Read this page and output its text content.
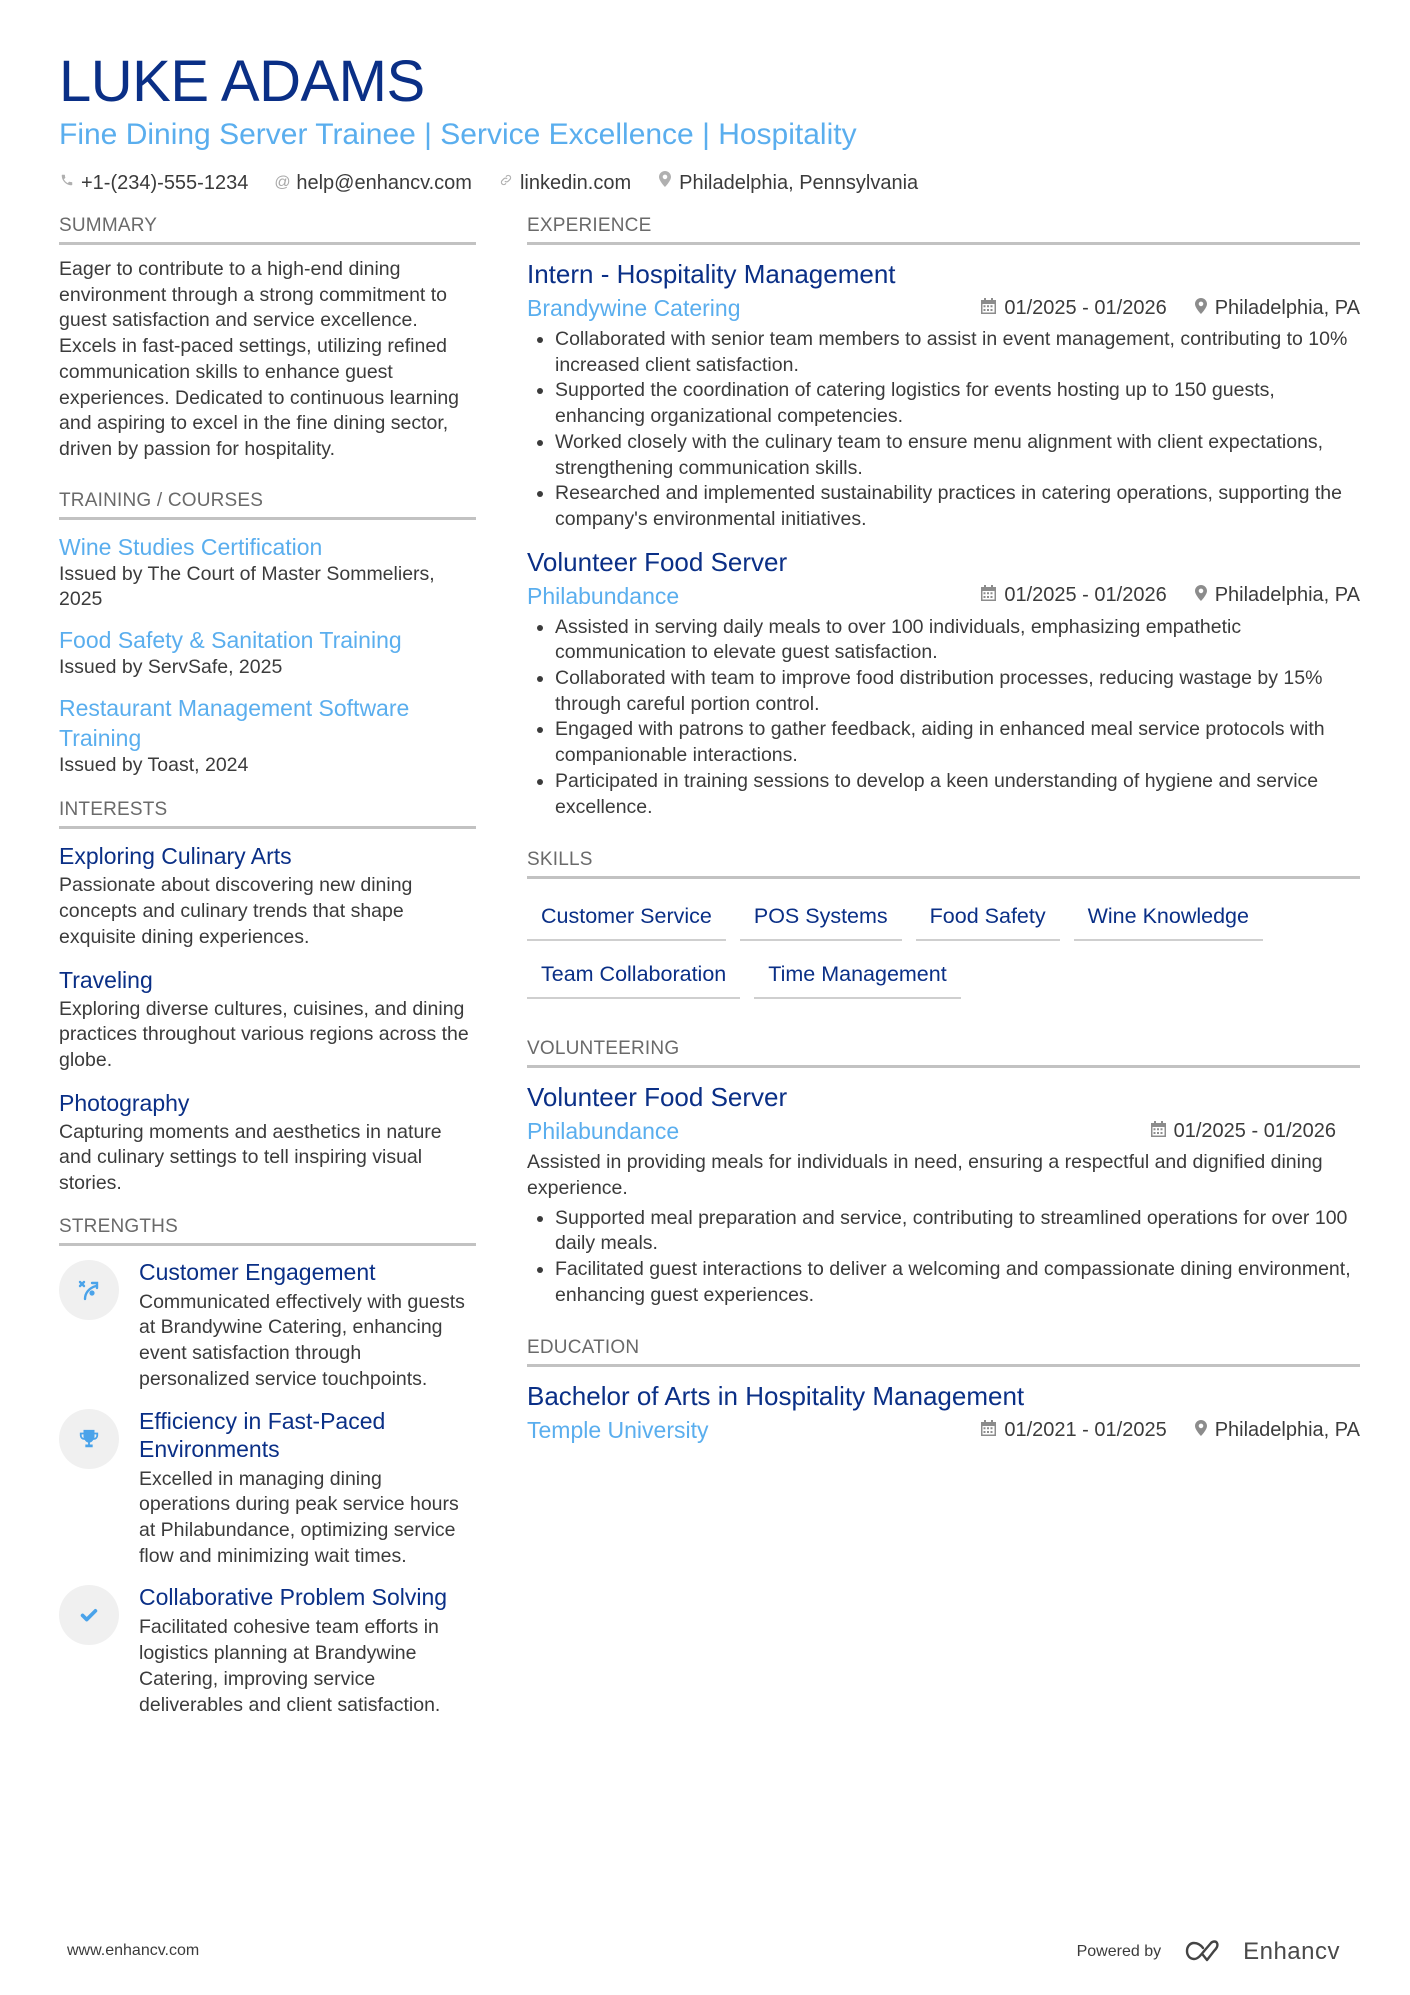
LUKE ADAMS
Fine Dining Server Trainee | Service Excellence | Hospitality
+1-(234)-555-1234 @ help@enhancv.com linkedin.com Philadelphia, Pennsylvania
SUMMARY
Eager to contribute to a high-end dining environment through a strong commitment to guest satisfaction and service excellence. Excels in fast-paced settings, utilizing refined communication skills to enhance guest experiences. Dedicated to continuous learning and aspiring to excel in the fine dining sector, driven by passion for hospitality.
TRAINING / COURSES
Wine Studies Certification
Issued by The Court of Master Sommeliers, 2025
Food Safety & Sanitation Training
Issued by ServSafe, 2025
Restaurant Management Software Training
Issued by Toast, 2024
INTERESTS
Exploring Culinary Arts
Passionate about discovering new dining concepts and culinary trends that shape exquisite dining experiences.
Traveling
Exploring diverse cultures, cuisines, and dining practices throughout various regions across the globe.
Photography
Capturing moments and aesthetics in nature and culinary settings to tell inspiring visual stories.
STRENGTHS
Customer Engagement
Communicated effectively with guests at Brandywine Catering, enhancing event satisfaction through personalized service touchpoints.
Efficiency in Fast-Paced Environments
Excelled in managing dining operations during peak service hours at Philabundance, optimizing service flow and minimizing wait times.
Collaborative Problem Solving
Facilitated cohesive team efforts in logistics planning at Brandywine Catering, improving service deliverables and client satisfaction.
EXPERIENCE
Intern - Hospitality Management
Brandywine Catering	01/2025 - 01/2026 Philadelphia, PA
• Collaborated with senior team members to assist in event management, contributing to 10% increased client satisfaction.
• Supported the coordination of catering logistics for events hosting up to 150 guests, enhancing organizational competencies.
• Worked closely with the culinary team to ensure menu alignment with client expectations, strengthening communication skills.
• Researched and implemented sustainability practices in catering operations, supporting the company's environmental initiatives.
Volunteer Food Server
Philabundance	01/2025 - 01/2026 Philadelphia, PA
• Assisted in serving daily meals to over 100 individuals, emphasizing empathetic communication to elevate guest satisfaction.
• Collaborated with team to improve food distribution processes, reducing wastage by 15% through careful portion control.
• Engaged with patrons to gather feedback, aiding in enhanced meal service protocols with companionable interactions.
• Participated in training sessions to develop a keen understanding of hygiene and service excellence.
SKILLS
Customer Service	POS Systems	Food Safety	Wine Knowledge
Team Collaboration	Time Management
VOLUNTEERING
Volunteer Food Server
Philabundance	01/2025 - 01/2026
Assisted in providing meals for individuals in need, ensuring a respectful and dignified dining experience.
• Supported meal preparation and service, contributing to streamlined operations for over 100 daily meals.
• Facilitated guest interactions to deliver a welcoming and compassionate dining environment, enhancing guest experiences.
EDUCATION
Bachelor of Arts in Hospitality Management
Temple University	01/2021 - 01/2025 Philadelphia, PA
www.enhancv.com	Powered by	Enhancv
